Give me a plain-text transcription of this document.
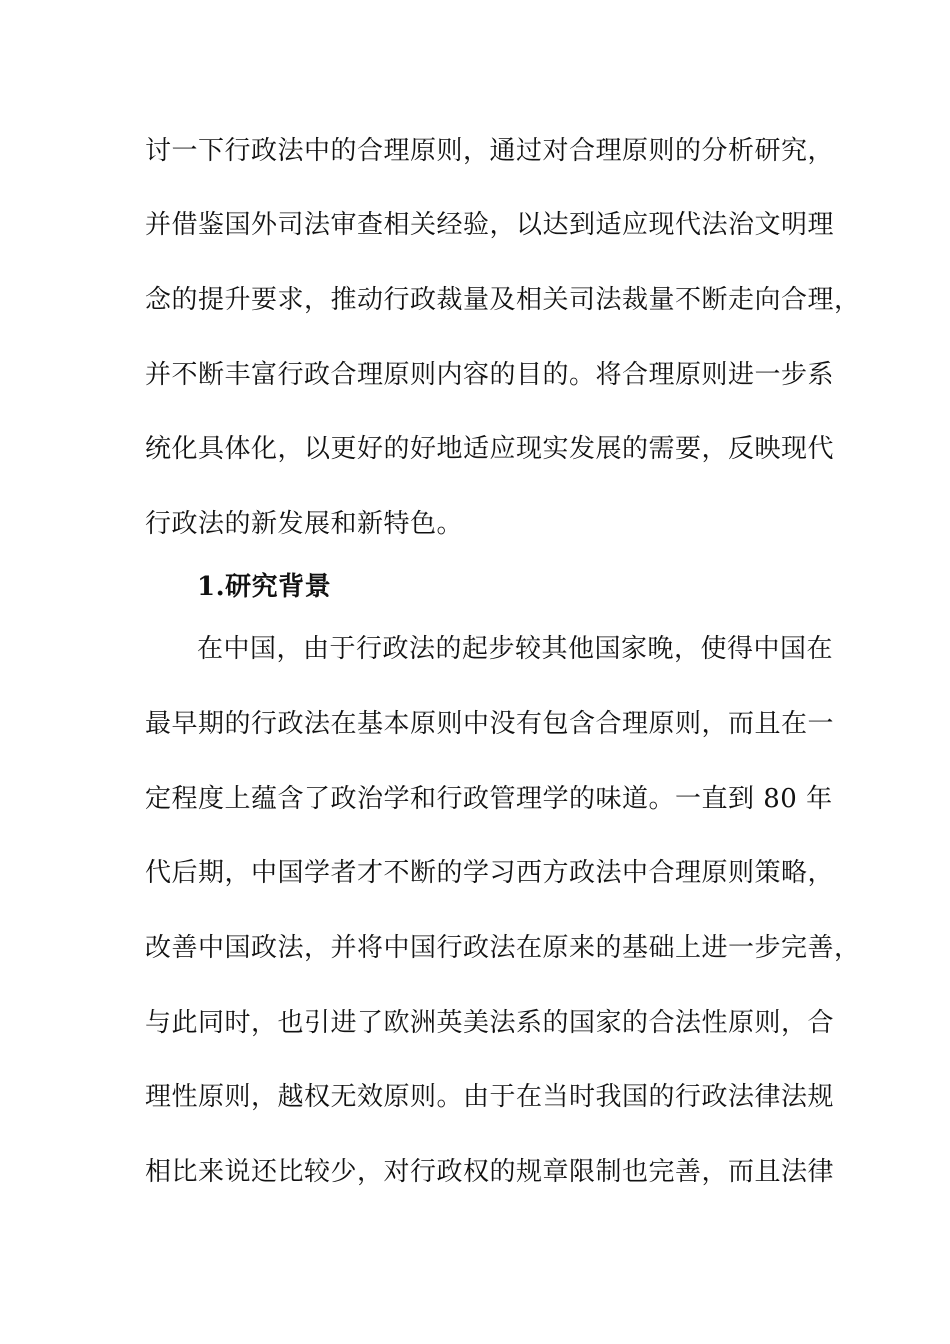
讨一下行政法中的合理原则，通过对合理原则的分析研究，
并借鉴国外司法审查相关经验，以达到适应现代法治文明理
念的提升要求，推动行政裁量及相关司法裁量不断走向合理，
并不断丰富行政合理原则内容的目的。将合理原则进一步系
统化具体化，以更好的好地适应现实发展的需要，反映现代
行政法的新发展和新特色。
1.研究背景
在中国，由于行政法的起步较其他国家晚，使得中国在
最早期的行政法在基本原则中没有包含合理原则，而且在一
定程度上蕴含了政治学和行政管理学的味道。一直到 80 年
代后期，中国学者才不断的学习西方政法中合理原则策略，
改善中国政法，并将中国行政法在原来的基础上进一步完善，
与此同时，也引进了欧洲英美法系的国家的合法性原则，合
理性原则，越权无效原则。由于在当时我国的行政法律法规
相比来说还比较少，对行政权的规章限制也完善，而且法律
